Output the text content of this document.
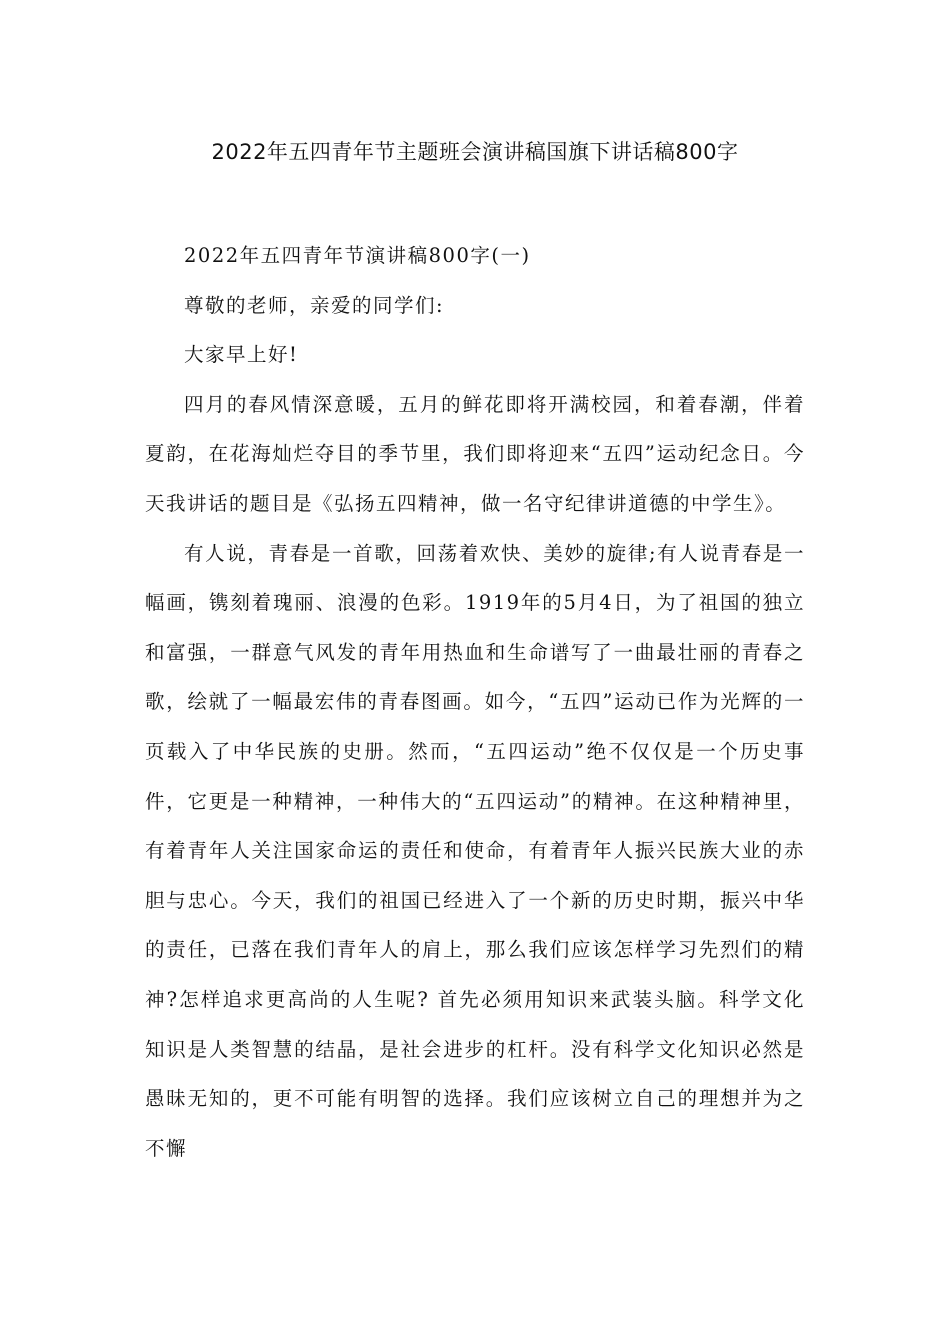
2022年五四青年节主题班会演讲稿国旗下讲话稿800字

2022年五四青年节演讲稿800字(一)

尊敬的老师，亲爱的同学们:

大家早上好!

四月的春风情深意暖，五月的鲜花即将开满校园，和着春潮，伴着夏韵，在花海灿烂夺目的季节里，我们即将迎来“五四”运动纪念日。今天我讲话的题目是《弘扬五四精神，做一名守纪律讲道德的中学生》。

有人说，青春是一首歌，回荡着欢快、美妙的旋律;有人说青春是一幅画，镌刻着瑰丽、浪漫的色彩。1919年的5月4日，为了祖国的独立和富强，一群意气风发的青年用热血和生命谱写了一曲最壮丽的青春之歌，绘就了一幅最宏伟的青春图画。如今，“五四”运动已作为光辉的一页载入了中华民族的史册。然而，“五四运动”绝不仅仅是一个历史事件，它更是一种精神，一种伟大的“五四运动”的精神。在这种精神里，有着青年人关注国家命运的责任和使命，有着青年人振兴民族大业的赤胆与忠心。今天，我们的祖国已经进入了一个新的历史时期，振兴中华的责任，已落在我们青年人的肩上，那么我们应该怎样学习先烈们的精神?怎样追求更高尚的人生呢? 首先必须用知识来武装头脑。科学文化知识是人类智慧的结晶，是社会进步的杠杆。没有科学文化知识必然是愚昧无知的，更不可能有明智的选择。我们应该树立自己的理想并为之不懈
